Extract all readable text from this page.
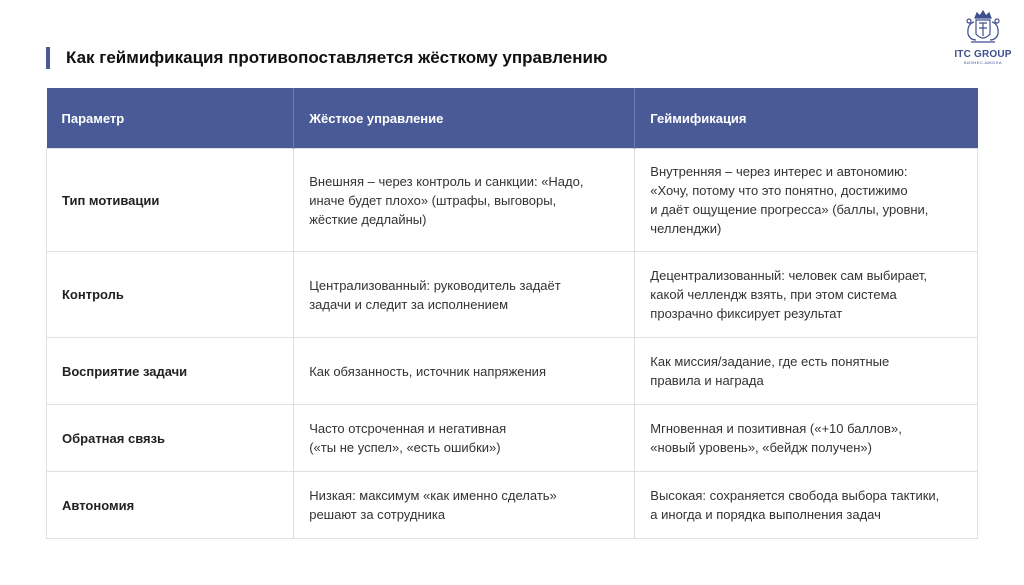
Как геймификация противопоставляется жёсткому управлению	ITC GROUP
БИЗНЕС-ШКОЛА
Параметр	Жёсткое управление	Геймификация
Тип мотивации	Внешняя – через контроль и санкции: «Надо,
иначе будет плохо» (штрафы, выговоры,
жёсткие дедлайны)	Внутренняя – через интерес и автономию:
«Хочу, потому что это понятно, достижимо
и даёт ощущение прогресса» (баллы, уровни,
челленджи)
Контроль	Централизованный: руководитель задаёт
задачи и следит за исполнением	Децентрализованный: человек сам выбирает,
какой челлендж взять, при этом система
прозрачно фиксирует результат
Восприятие задачи	Как обязанность, источник напряжения	Как миссия/задание, где есть понятные
правила и награда
Обратная связь	Часто отсроченная и негативная
(«ты не успел», «есть ошибки»)	Мгновенная и позитивная («+10 баллов»,
«новый уровень», «бейдж получен»)
Автономия	Низкая: максимум «как именно сделать»
решают за сотрудника	Высокая: сохраняется свобода выбора тактики,
а иногда и порядка выполнения задач
